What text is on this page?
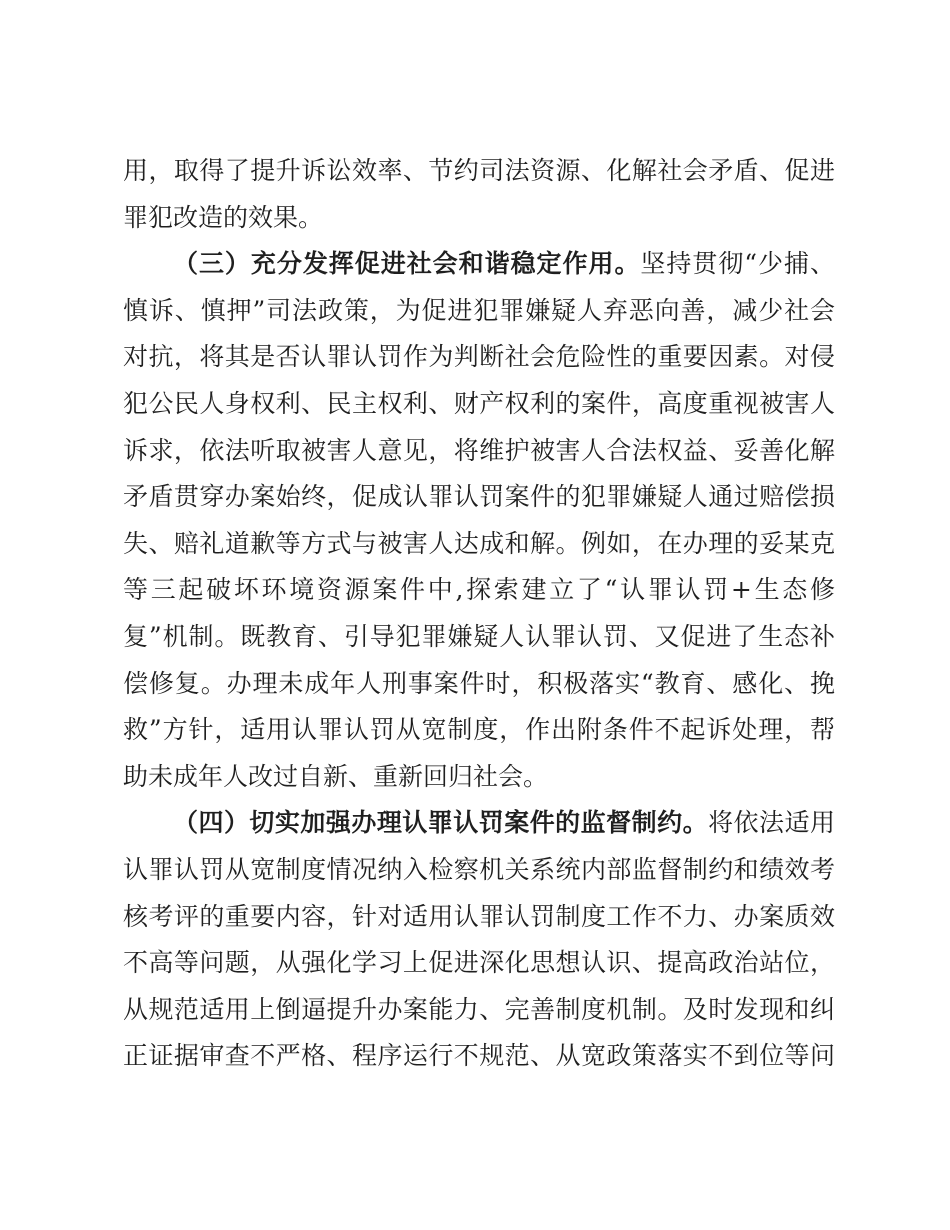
用，取得了提升诉讼效率、节约司法资源、化解社会矛盾、促进
罪犯改造的效果。
（三）充分发挥促进社会和谐稳定作用。坚持贯彻“少捕、
慎诉、慎押”司法政策，为促进犯罪嫌疑人弃恶向善，减少社会
对抗，将其是否认罪认罚作为判断社会危险性的重要因素。对侵
犯公民人身权利、民主权利、财产权利的案件，高度重视被害人
诉求，依法听取被害人意见，将维护被害人合法权益、妥善化解
矛盾贯穿办案始终，促成认罪认罚案件的犯罪嫌疑人通过赔偿损
失、赔礼道歉等方式与被害人达成和解。例如，在办理的妥某克
等三起破坏环境资源案件中,探索建立了“认罪认罚+生态修
复”机制。既教育、引导犯罪嫌疑人认罪认罚、又促进了生态补
偿修复。办理未成年人刑事案件时，积极落实“教育、感化、挽
救”方针，适用认罪认罚从宽制度，作出附条件不起诉处理，帮
助未成年人改过自新、重新回归社会。
（四）切实加强办理认罪认罚案件的监督制约。将依法适用
认罪认罚从宽制度情况纳入检察机关系统内部监督制约和绩效考
核考评的重要内容，针对适用认罪认罚制度工作不力、办案质效
不高等问题，从强化学习上促进深化思想认识、提高政治站位，
从规范适用上倒逼提升办案能力、完善制度机制。及时发现和纠
正证据审查不严格、程序运行不规范、从宽政策落实不到位等问
